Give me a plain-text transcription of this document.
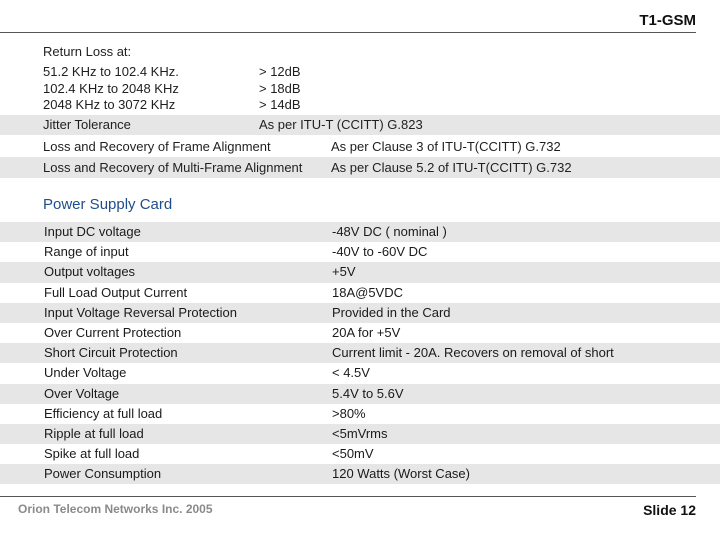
T1-GSM
Return Loss at:
51.2 KHz to 102.4 KHz.	> 12dB
102.4 KHz to 2048 KHz	> 18dB
2048 KHz to 3072 KHz	> 14dB
Jitter Tolerance	As per ITU-T (CCITT) G.823
Loss and Recovery of Frame Alignment	As per Clause 3 of ITU-T(CCITT) G.732
Loss and Recovery of Multi-Frame Alignment As per Clause 5.2 of ITU-T(CCITT) G.732
Power Supply Card
Input DC voltage	-48V DC ( nominal )
Range of input	-40V to -60V DC
Output voltages	+5V
Full Load Output Current	18A@5VDC
Input Voltage Reversal Protection	Provided in the Card
Over Current Protection	20A for +5V
Short Circuit Protection	Current limit - 20A. Recovers on removal of short
Under Voltage	< 4.5V
Over Voltage	5.4V to 5.6V
Efficiency at full load	>80%
Ripple at full load	<5mVrms
Spike at full load	<50mV
Power Consumption	120 Watts (Worst Case)
Orion Telecom Networks Inc. 2005	Slide 12
